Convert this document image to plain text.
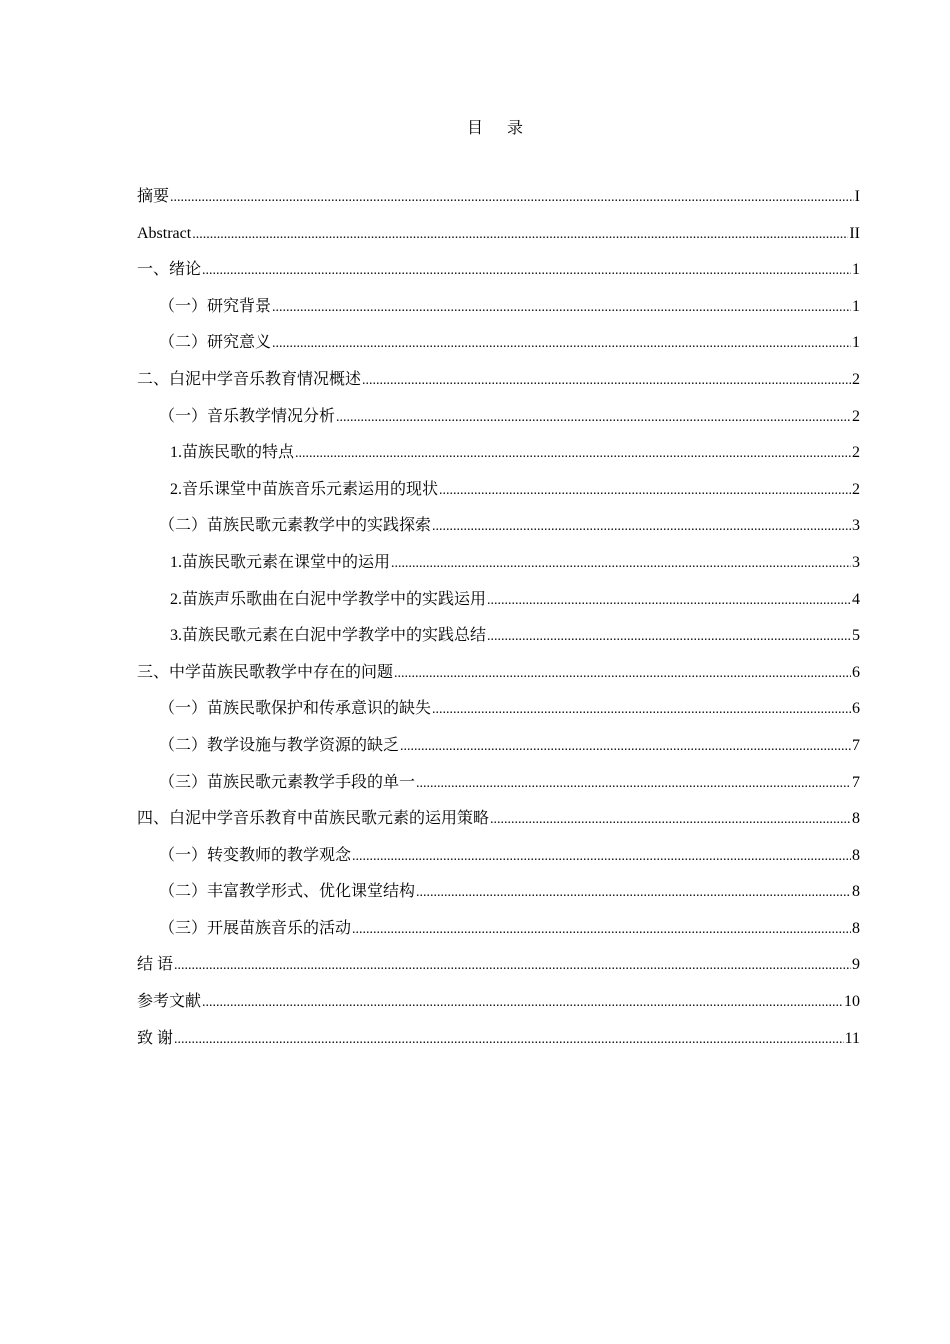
目 录
摘要 .....	I
Abstract .....	II
一、绪论 .....	1
（一）研究背景 .....	1
（二）研究意义 .....	1
二、白泥中学音乐教育情况概述 .....	2
（一）音乐教学情况分析 .....	2
1.苗族民歌的特点 .....	2
2.音乐课堂中苗族音乐元素运用的现状 .....	2
（二）苗族民歌元素教学中的实践探索 .....	3
1.苗族民歌元素在课堂中的运用 .....	3
2.苗族声乐歌曲在白泥中学教学中的实践运用 .....	4
3.苗族民歌元素在白泥中学教学中的实践总结 .....	5
三、中学苗族民歌教学中存在的问题 .....	6
（一）苗族民歌保护和传承意识的缺失 .....	6
（二）教学设施与教学资源的缺乏 .....	7
（三）苗族民歌元素教学手段的单一 .....	7
四、白泥中学音乐教育中苗族民歌元素的运用策略 .....	8
（一）转变教师的教学观念 .....	8
（二）丰富教学形式、优化课堂结构 .....	8
（三）开展苗族音乐的活动 .....	8
结 语 .....	9
参考文献 .....	10
致 谢 .....	11
